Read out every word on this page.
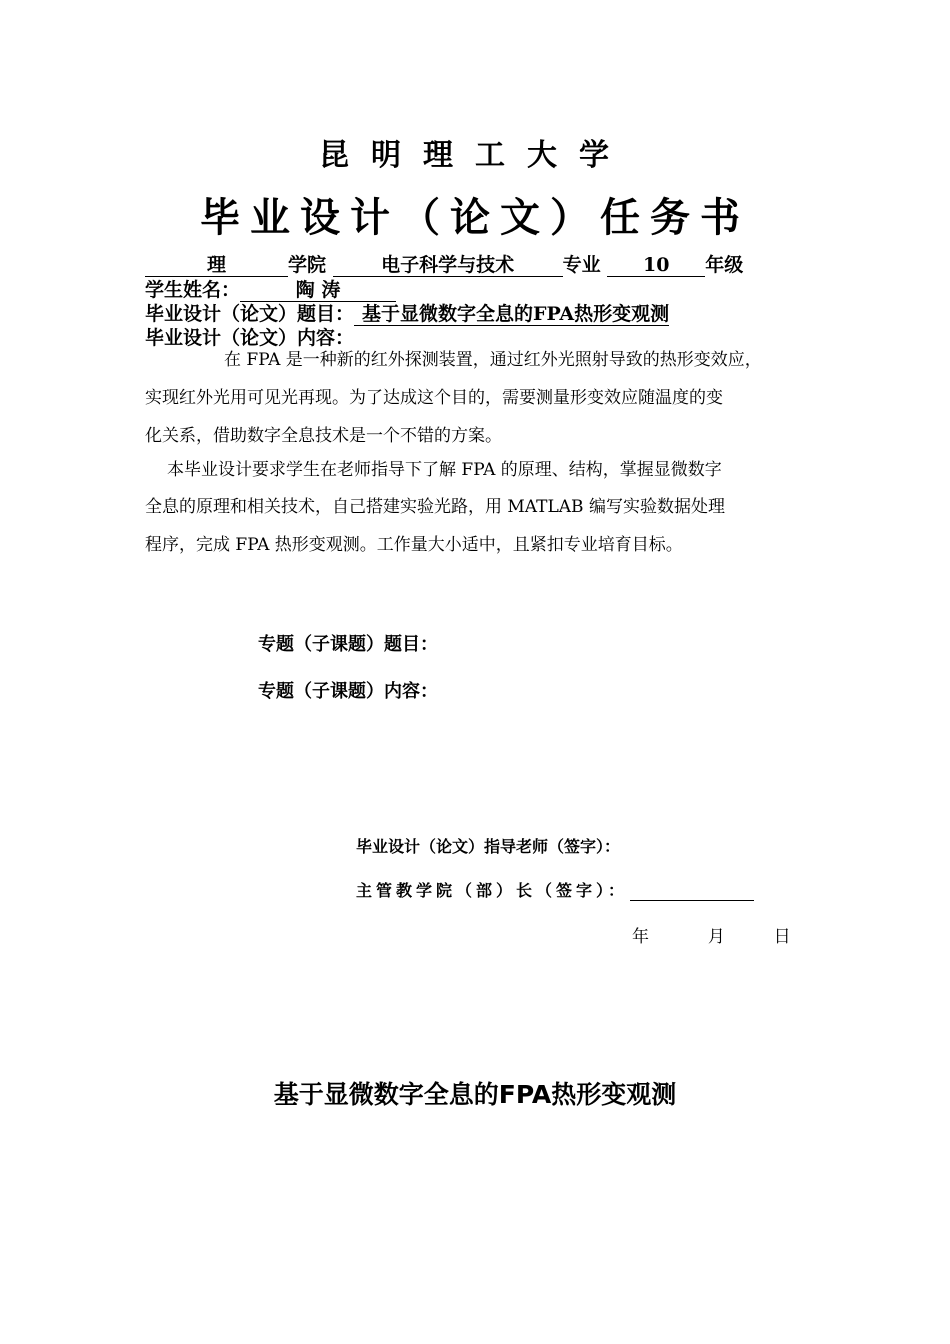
昆明理工大学
毕业设计（论文）任务书
理	学院	电子科学与技术	专业 10 年级
学生姓名：	陶 涛
毕业设计（论文）题目： 基于显微数字全息的FPA热形变观测
毕业设计（论文）内容：
在 FPA 是一种新的红外探测装置，通过红外光照射导致的热形变效应，
实现红外光用可见光再现。为了达成这个目的，需要测量形变效应随温度的变
化关系，借助数字全息技术是一个不错的方案。
本毕业设计要求学生在老师指导下了解 FPA 的原理、结构，掌握显微数字
全息的原理和相关技术，自己搭建实验光路，用 MATLAB 编写实验数据处理
程序，完成 FPA 热形变观测。工作量大小适中，且紧扣专业培育目标。
专题（子课题）题目：
专题（子课题）内容：
毕业设计（论文）指导老师（签字）：
主管教学院（部）长（签字）：
年	月	日
基于显微数字全息的FPA热形变观测
